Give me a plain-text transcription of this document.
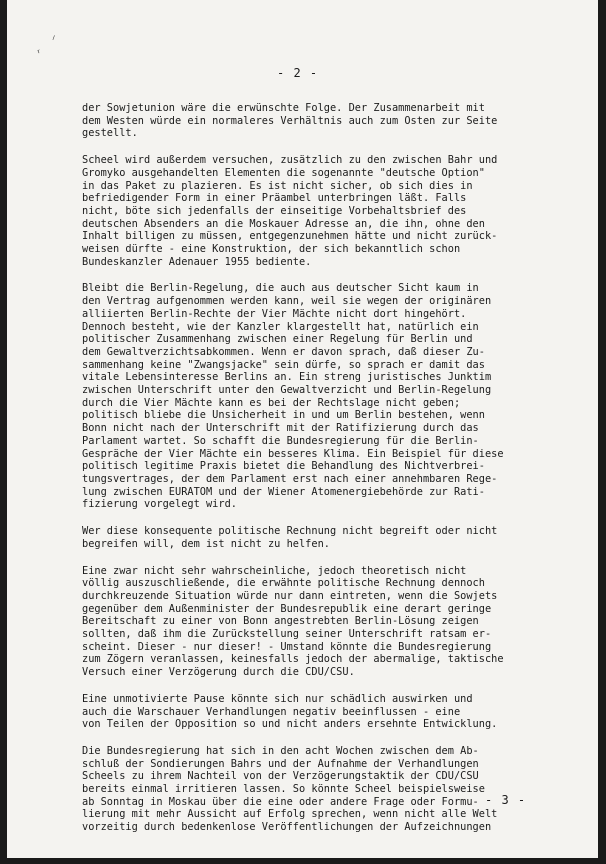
⸝
ʳ
- 2 -

der Sowjetunion wäre die erwünschte Folge. Der Zusammenarbeit mit
dem Westen würde ein normaleres Verhältnis auch zum Osten zur Seite
gestellt.

Scheel wird außerdem versuchen, zusätzlich zu den zwischen Bahr und
Gromyko ausgehandelten Elementen die sogenannte "deutsche Option"
in das Paket zu plazieren. Es ist nicht sicher, ob sich dies in
befriedigender Form in einer Präambel unterbringen läßt. Falls
nicht, böte sich jedenfalls der einseitige Vorbehaltsbrief des
deutschen Absenders an die Moskauer Adresse an, die ihn, ohne den
Inhalt billigen zu müssen, entgegenzunehmen hätte und nicht zurück-
weisen dürfte - eine Konstruktion, der sich bekanntlich schon
Bundeskanzler Adenauer 1955 bediente.

Bleibt die Berlin-Regelung, die auch aus deutscher Sicht kaum in
den Vertrag aufgenommen werden kann, weil sie wegen der originären
alliierten Berlin-Rechte der Vier Mächte nicht dort hingehört.
Dennoch besteht, wie der Kanzler klargestellt hat, natürlich ein
politischer Zusammenhang zwischen einer Regelung für Berlin und
dem Gewaltverzichtsabkommen. Wenn er davon sprach, daß dieser Zu-
sammenhang keine "Zwangsjacke" sein dürfe, so sprach er damit das
vitale Lebensinteresse Berlins an. Ein streng juristisches Junktim
zwischen Unterschrift unter den Gewaltverzicht und Berlin-Regelung
durch die Vier Mächte kann es bei der Rechtslage nicht geben;
politisch bliebe die Unsicherheit in und um Berlin bestehen, wenn
Bonn nicht nach der Unterschrift mit der Ratifizierung durch das
Parlament wartet. So schafft die Bundesregierung für die Berlin-
Gespräche der Vier Mächte ein besseres Klima. Ein Beispiel für diese
politisch legitime Praxis bietet die Behandlung des Nichtverbrei-
tungsvertrages, der dem Parlament erst nach einer annehmbaren Rege-
lung zwischen EURATOM und der Wiener Atomenergiebehörde zur Rati-
fizierung vorgelegt wird.

Wer diese konsequente politische Rechnung nicht begreift oder nicht
begreifen will, dem ist nicht zu helfen.

Eine zwar nicht sehr wahrscheinliche, jedoch theoretisch nicht
völlig auszuschließende, die erwähnte politische Rechnung dennoch
durchkreuzende Situation würde nur dann eintreten, wenn die Sowjets
gegenüber dem Außenminister der Bundesrepublik eine derart geringe
Bereitschaft zu einer von Bonn angestrebten Berlin-Lösung zeigen
sollten, daß ihm die Zurückstellung seiner Unterschrift ratsam er-
scheint. Dieser - nur dieser! - Umstand könnte die Bundesregierung
zum Zögern veranlassen, keinesfalls jedoch der abermalige, taktische
Versuch einer Verzögerung durch die CDU/CSU.

Eine unmotivierte Pause könnte sich nur schädlich auswirken und
auch die Warschauer Verhandlungen negativ beeinflussen - eine
von Teilen der Opposition so und nicht anders ersehnte Entwicklung.

Die Bundesregierung hat sich in den acht Wochen zwischen dem Ab-
schluß der Sondierungen Bahrs und der Aufnahme der Verhandlungen
Scheels zu ihrem Nachteil von der Verzögerungstaktik der CDU/CSU
bereits einmal irritieren lassen. So könnte Scheel beispielsweise
ab Sonntag in Moskau über die eine oder andere Frage oder Formu-
lierung mit mehr Aussicht auf Erfolg sprechen, wenn nicht alle Welt
vorzeitig durch bedenkenlose Veröffentlichungen der Aufzeichnungen

- 3 -
